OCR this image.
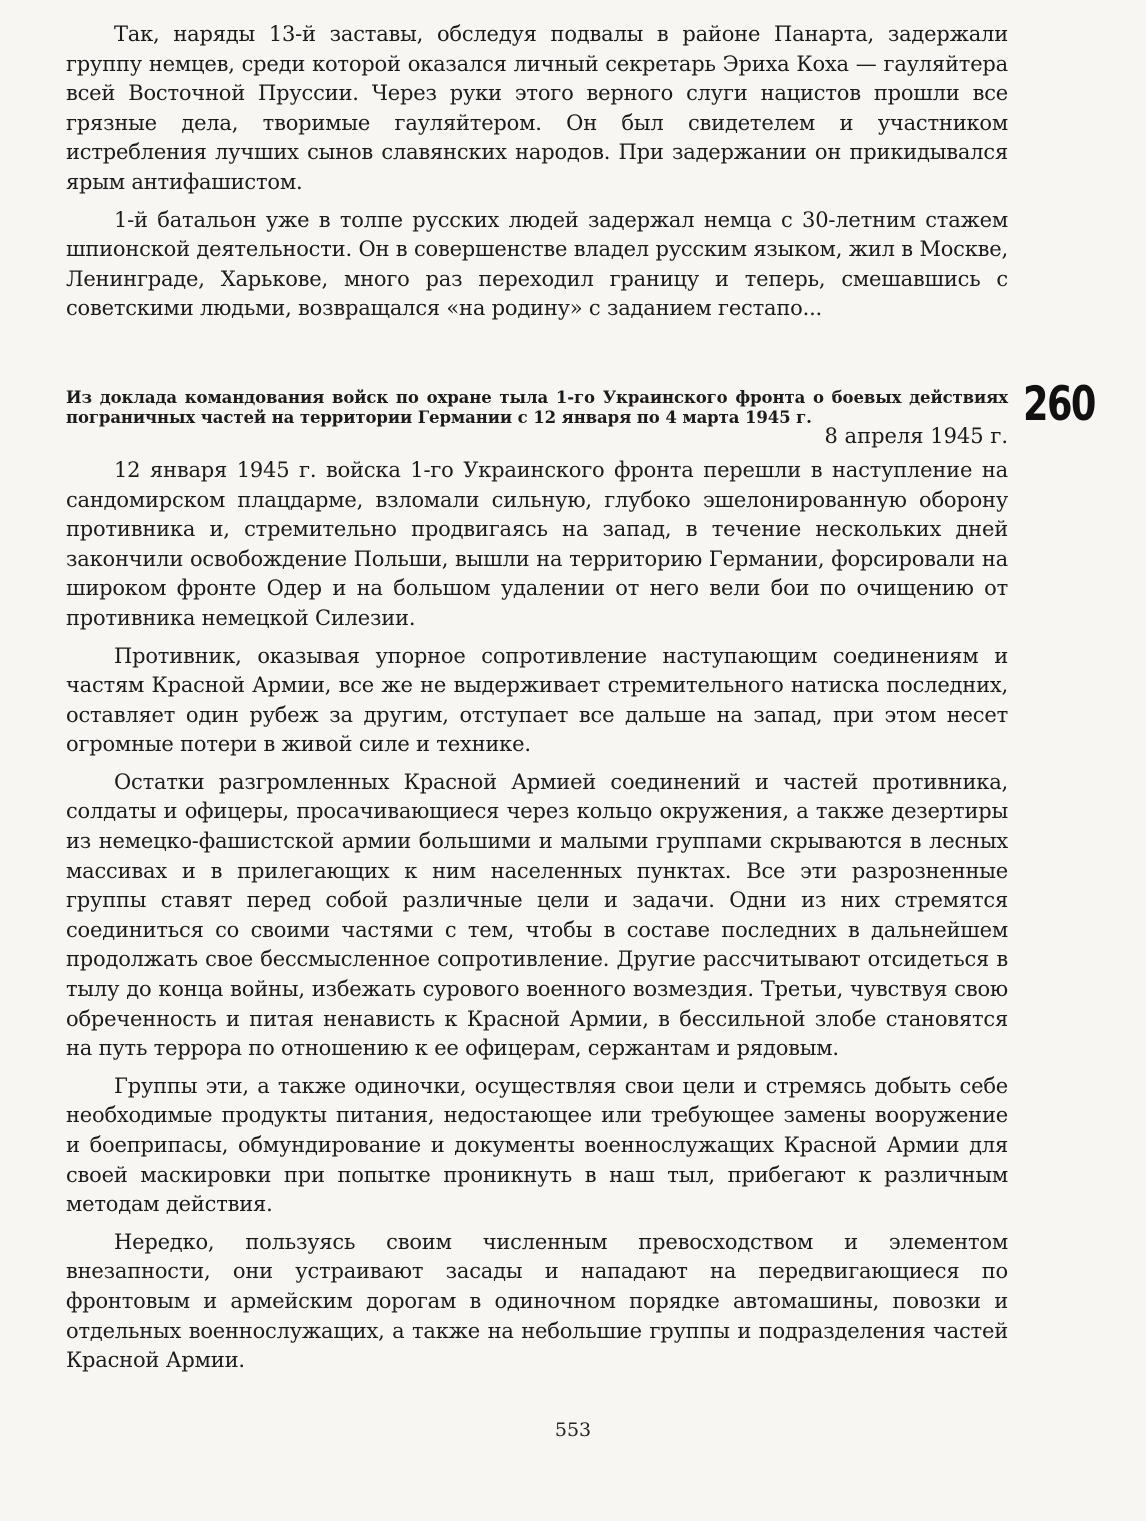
Так, наряды 13-й заставы, обследуя подвалы в районе Панарта, задержали группу немцев, среди которой оказался личный секретарь Эриха Коха — гауляйтера всей Восточной Пруссии. Через руки этого верного слуги нацистов прошли все грязные дела, творимые гауляйтером. Он был свидетелем и участником истребления лучших сынов славянских народов. При задержании он прикидывался ярым антифашистом.

1-й батальон уже в толпе русских людей задержал немца с 30-летним стажем шпионской деятельности. Он в совершенстве владел русским языком, жил в Москве, Ленинграде, Харькове, много раз переходил границу и теперь, смешавшись с советскими людьми, возвращался «на родину» с заданием гестапо...

Из доклада командования войск по охране тыла 1-го Украинского фронта о боевых действиях пограничных частей на территории Германии с 12 января по 4 марта 1945 г.
8 апреля 1945 г.

12 января 1945 г. войска 1-го Украинского фронта перешли в наступление на сандомирском плацдарме, взломали сильную, глубоко эшелонированную оборону противника и, стремительно продвигаясь на запад, в течение нескольких дней закончили освобождение Польши, вышли на территорию Германии, форсировали на широком фронте Одер и на большом удалении от него вели бои по очищению от противника немецкой Силезии.

Противник, оказывая упорное сопротивление наступающим соединениям и частям Красной Армии, все же не выдерживает стремительного натиска последних, оставляет один рубеж за другим, отступает все дальше на запад, при этом несет огромные потери в живой силе и технике.

Остатки разгромленных Красной Армией соединений и частей противника, солдаты и офицеры, просачивающиеся через кольцо окружения, а также дезертиры из немецко-фашистской армии большими и малыми группами скрываются в лесных массивах и в прилегающих к ним населенных пунктах. Все эти разрозненные группы ставят перед собой различные цели и задачи. Одни из них стремятся соединиться со своими частями с тем, чтобы в составе последних в дальнейшем продолжать свое бессмысленное сопротивление. Другие рассчитывают отсидеться в тылу до конца войны, избежать сурового военного возмездия. Третьи, чувствуя свою обреченность и питая ненависть к Красной Армии, в бессильной злобе становятся на путь террора по отношению к ее офицерам, сержантам и рядовым.

Группы эти, а также одиночки, осуществляя свои цели и стремясь добыть себе необходимые продукты питания, недостающее или требующее замены вооружение и боеприпасы, обмундирование и документы военнослужащих Красной Армии для своей маскировки при попытке проникнуть в наш тыл, прибегают к различным методам действия.

Нередко, пользуясь своим численным превосходством и элементом внезапности, они устраивают засады и нападают на передвигающиеся по фронтовым и армейским дорогам в одиночном порядке автомашины, повозки и отдельных военнослужащих, а также на небольшие группы и подразделения частей Красной Армии.

260
553
